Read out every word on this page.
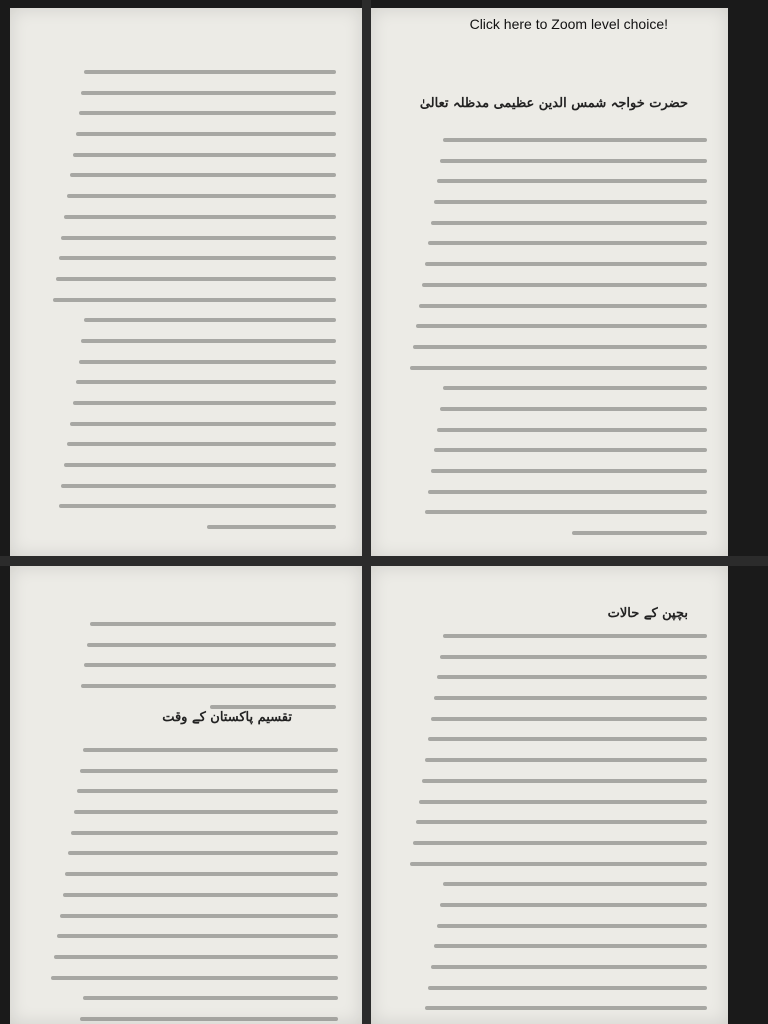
حضرت خواجہ شمس الدین عظیمی مدظلہ تعالیٰ
تقسیم پاکستان کے وقت
بچپن کے حالات
Click here to Zoom level choice!
